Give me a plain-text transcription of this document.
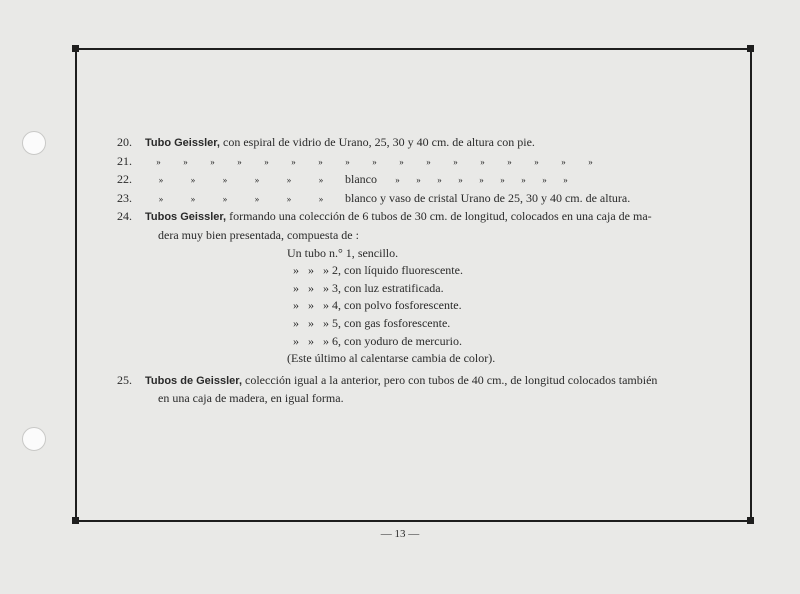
20.	Tubo Geissler, con espiral de vidrio de Urano, 25, 30 y 40 cm. de altura con pie.
21.	»	»	»	»	»	»	»	»	»	»	»	»	»	»	»	»	»
22.	»	»	»	»	»	» blanco » » » » » » » » »
23.	»	»	»	»	»	» blanco y vaso de cristal Urano de 25, 30 y 40 cm. de altura.
24.	Tubos Geissler, formando una colección de 6 tubos de 30 cm. de longitud, colocados en una caja de ma-
dera muy bien presentada, compuesta de :
Un tubo n.° 1, sencillo.
»   »   » 2, con líquido fluorescente.
»   »   » 3, con luz estratificada.
»   »   » 4, con polvo fosforescente.
»   »   » 5, con gas fosforescente.
»   »   » 6, con yoduro de mercurio.
(Este último al calentarse cambia de color).
25.	Tubos de Geissler, colección igual a la anterior, pero con tubos de 40 cm., de longitud colocados también
en una caja de madera, en igual forma.
— 13 —
